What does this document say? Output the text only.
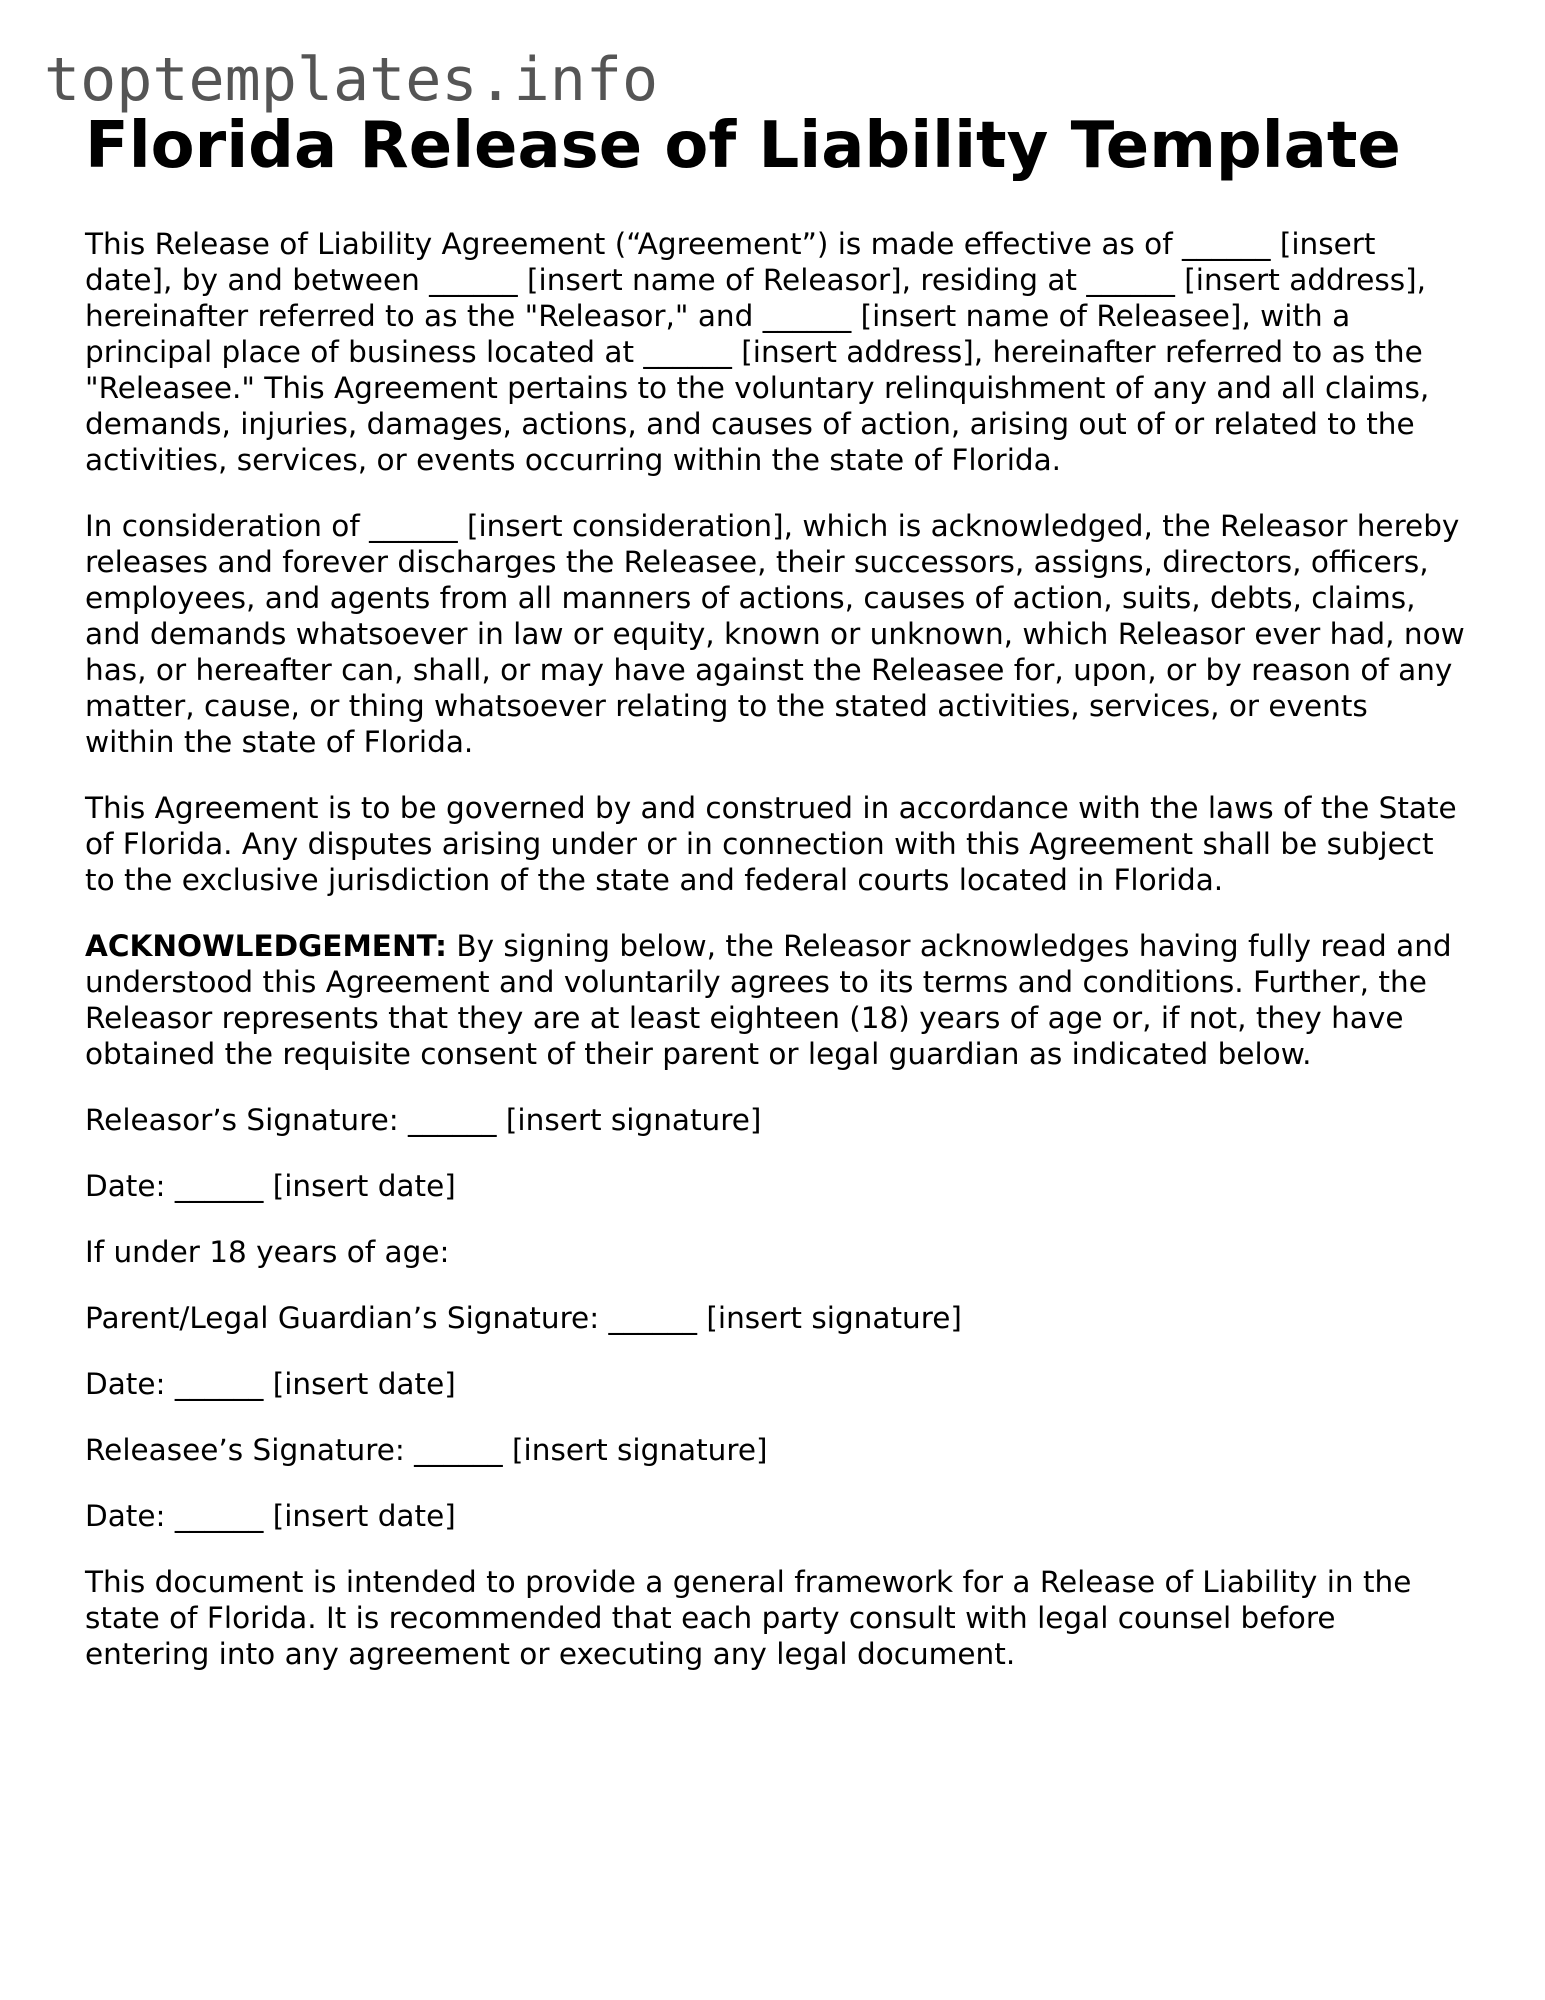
toptemplates.info
Florida Release of Liability Template

This Release of Liability Agreement (“Agreement”) is made effective as of ______ [insert date], by and between ______ [insert name of Releasor], residing at ______ [insert address], hereinafter referred to as the "Releasor," and ______ [insert name of Releasee], with a principal place of business located at ______ [insert address], hereinafter referred to as the "Releasee." This Agreement pertains to the voluntary relinquishment of any and all claims, demands, injuries, damages, actions, and causes of action, arising out of or related to the activities, services, or events occurring within the state of Florida.

In consideration of ______ [insert consideration], which is acknowledged, the Releasor hereby releases and forever discharges the Releasee, their successors, assigns, directors, officers, employees, and agents from all manners of actions, causes of action, suits, debts, claims, and demands whatsoever in law or equity, known or unknown, which Releasor ever had, now has, or hereafter can, shall, or may have against the Releasee for, upon, or by reason of any matter, cause, or thing whatsoever relating to the stated activities, services, or events within the state of Florida.

This Agreement is to be governed by and construed in accordance with the laws of the State of Florida. Any disputes arising under or in connection with this Agreement shall be subject to the exclusive jurisdiction of the state and federal courts located in Florida.

ACKNOWLEDGEMENT: By signing below, the Releasor acknowledges having fully read and understood this Agreement and voluntarily agrees to its terms and conditions. Further, the Releasor represents that they are at least eighteen (18) years of age or, if not, they have obtained the requisite consent of their parent or legal guardian as indicated below.

Releasor’s Signature: ______ [insert signature]

Date: ______ [insert date]

If under 18 years of age:

Parent/Legal Guardian’s Signature: ______ [insert signature]

Date: ______ [insert date]

Releasee’s Signature: ______ [insert signature]

Date: ______ [insert date]

This document is intended to provide a general framework for a Release of Liability in the state of Florida. It is recommended that each party consult with legal counsel before entering into any agreement or executing any legal document.
